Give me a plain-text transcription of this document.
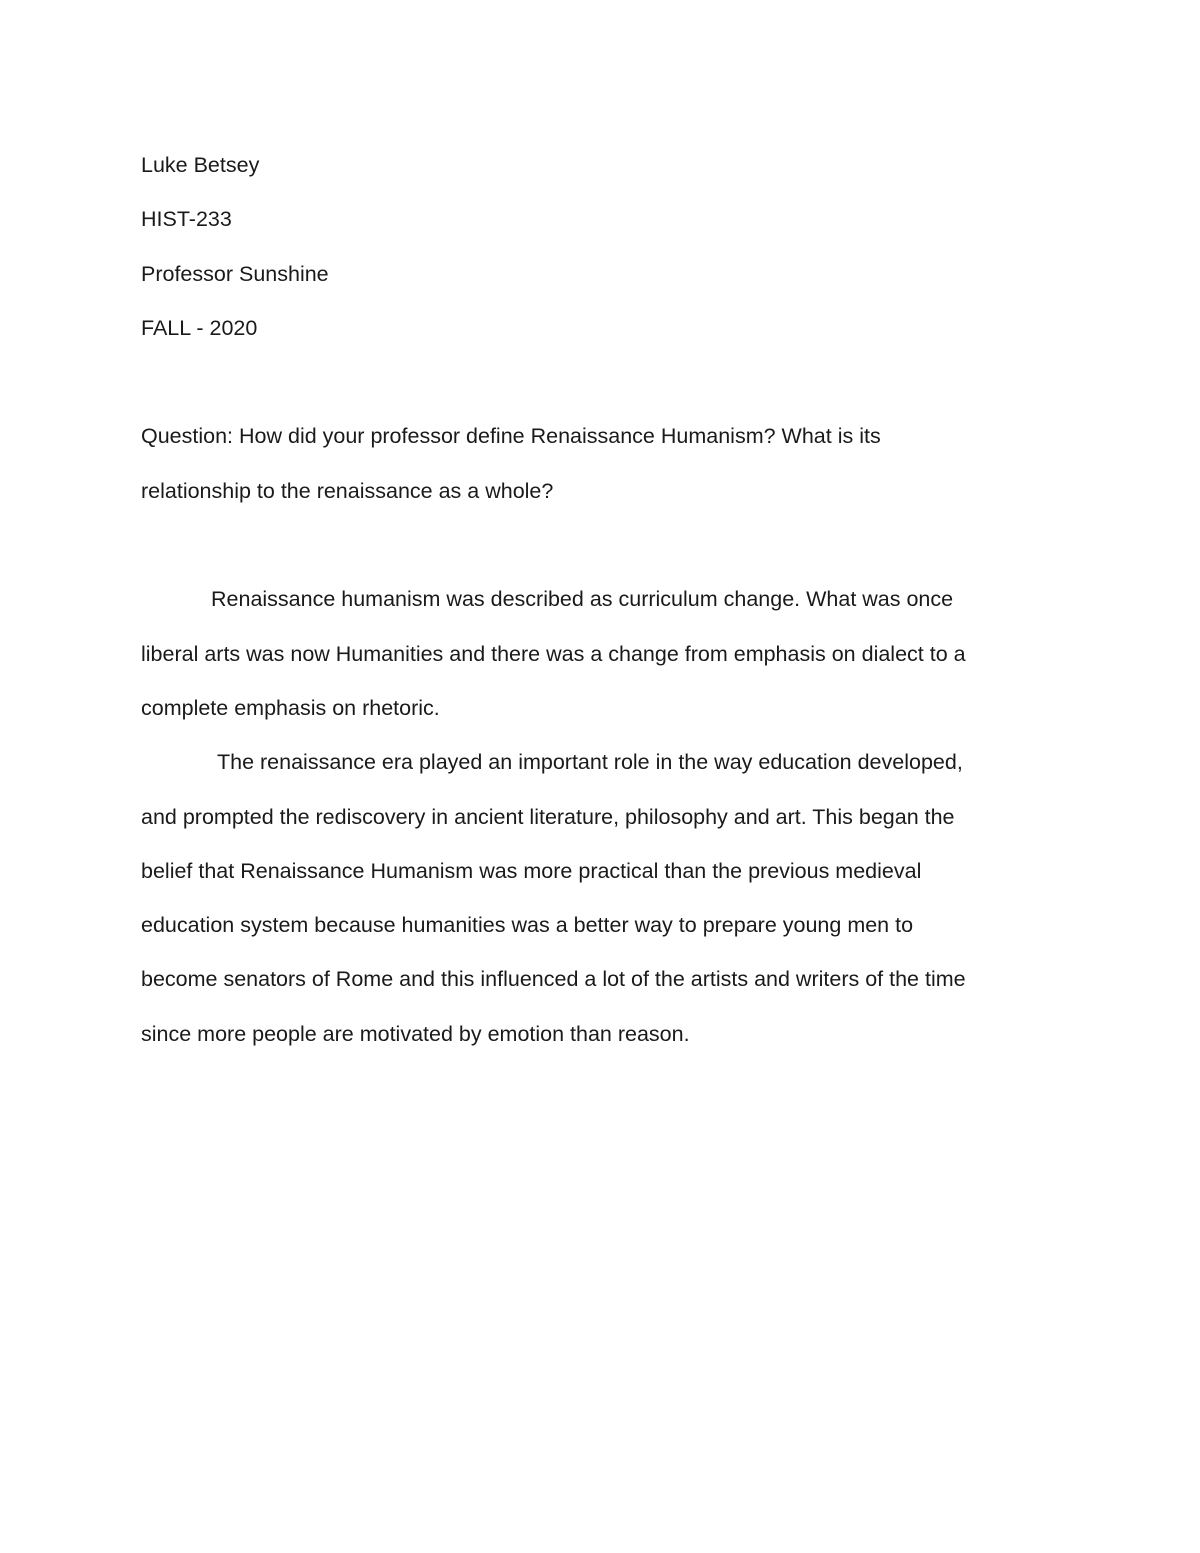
Luke Betsey
HIST-233
Professor Sunshine
FALL - 2020
Question: How did your professor define Renaissance Humanism? What is its
relationship to the renaissance as a whole?
Renaissance humanism was described as curriculum change. What was once
liberal arts was now Humanities and there was a change from emphasis on dialect to a
complete emphasis on rhetoric.
The renaissance era played an important role in the way education developed,
and prompted the rediscovery in ancient literature, philosophy and art. This began the
belief that Renaissance Humanism was more practical than the previous medieval
education system because humanities was a better way to prepare young men to
become senators of Rome and this influenced a lot of the artists and writers of the time
since more people are motivated by emotion than reason.
